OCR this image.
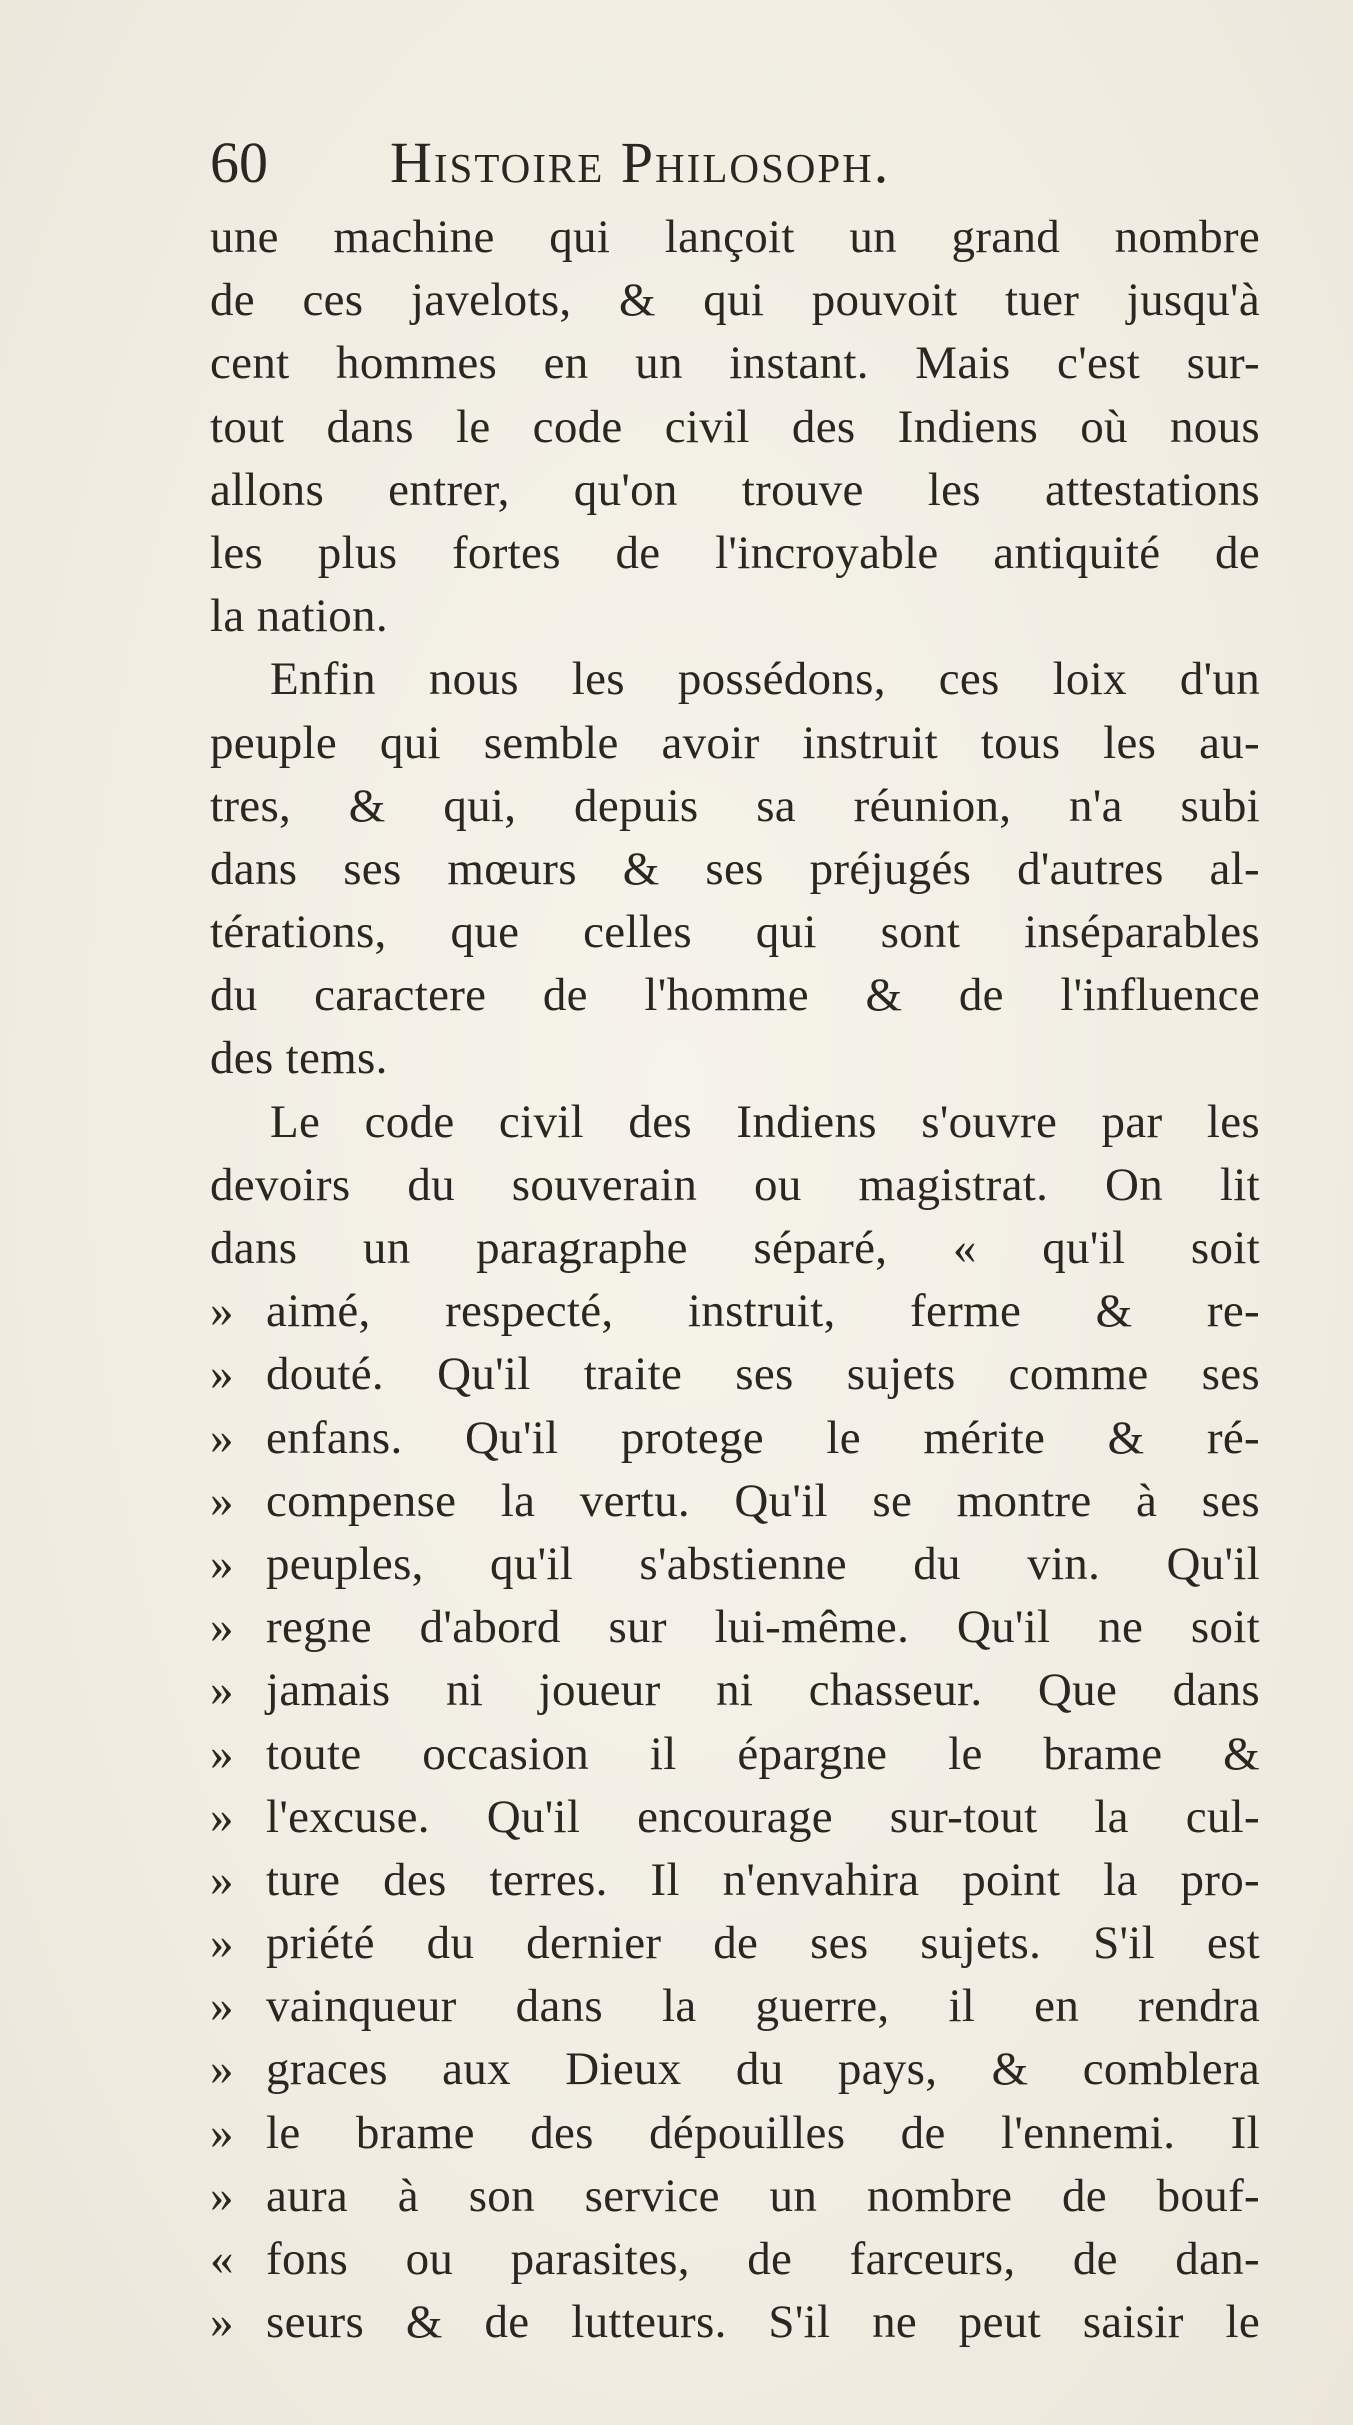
60 Histoire Philosoph.
une machine qui lançoit un grand nombre
de ces javelots, & qui pouvoit tuer jusqu'à
cent hommes en un instant. Mais c'est sur-
tout dans le code civil des Indiens où nous
allons entrer, qu'on trouve les attestations
les plus fortes de l'incroyable antiquité de
la nation.
Enfin nous les possédons, ces loix d'un
peuple qui semble avoir instruit tous les au-
tres, & qui, depuis sa réunion, n'a subi
dans ses mœurs & ses préjugés d'autres al-
térations, que celles qui sont inséparables
du caractere de l'homme & de l'influence
des tems.
Le code civil des Indiens s'ouvre par les
devoirs du souverain ou magistrat. On lit
dans un paragraphe séparé, « qu'il soit
» aimé, respecté, instruit, ferme & re-
» douté. Qu'il traite ses sujets comme ses
» enfans. Qu'il protege le mérite & ré-
» compense la vertu. Qu'il se montre à ses
» peuples, qu'il s'abstienne du vin. Qu'il
» regne d'abord sur lui-même. Qu'il ne soit
» jamais ni joueur ni chasseur. Que dans
» toute occasion il épargne le brame &
» l'excuse. Qu'il encourage sur-tout la cul-
» ture des terres. Il n'envahira point la pro-
» priété du dernier de ses sujets. S'il est
» vainqueur dans la guerre, il en rendra
» graces aux Dieux du pays, & comblera
» le brame des dépouilles de l'ennemi. Il
» aura à son service un nombre de bouf-
« fons ou parasites, de farceurs, de dan-
» seurs & de lutteurs. S'il ne peut saisir le
